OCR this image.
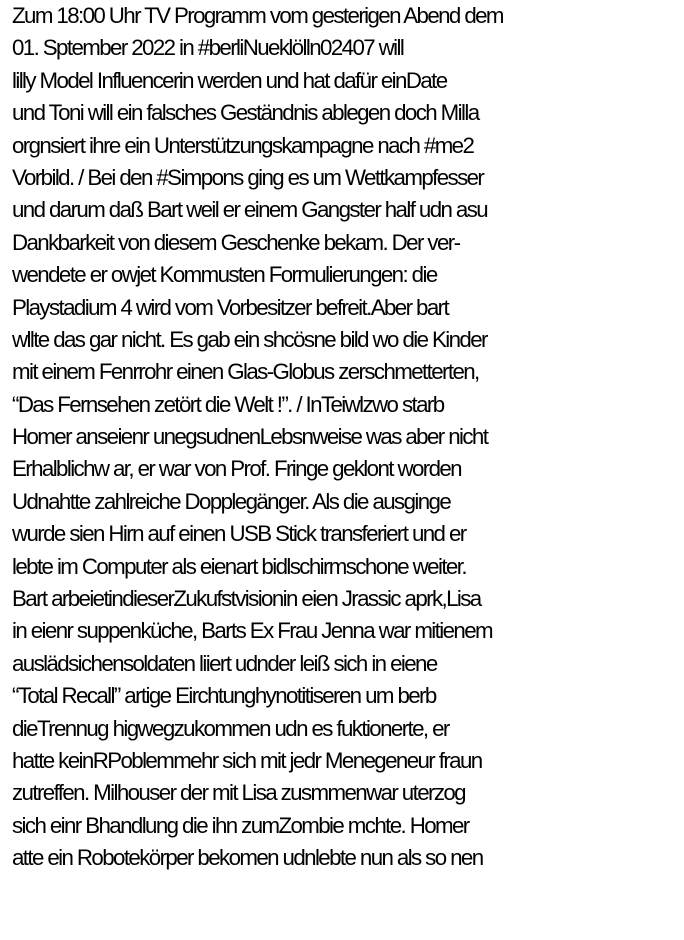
Zum 18:00 Uhr TV Programm vom gesterigen Abend dem
01. Sptember 2022 in #berliNueklölln02407 will
lilly Model Influencerin werden und hat dafür einDate
und Toni will ein falsches Geständnis ablegen doch Milla
orgnsiert ihre ein Unterstützungskampagne nach #me2
Vorbild. / Bei den #Simpons ging es um Wettkampfesser
und darum daß Bart weil er einem Gangster half udn asu
Dankbarkeit von diesem Geschenke bekam. Der ver-
wendete er owjet Kommusten Formulierungen: die
Playstadium 4 wird vom Vorbesitzer befreit.Aber bart
wllte das gar nicht. Es gab ein shcösne bild wo die Kinder
mit einem Fenrrohr einen Glas-Globus zerschmetterten,
“Das Fernsehen zetört die Welt !”. / InTeiwlzwo starb
Homer anseienr unegsudnenLebsnweise was aber nicht
Erhalblichw ar, er war von Prof. Fringe geklont worden
Udnahtte zahlreiche Dopplegänger. Als die ausginge
wurde sien Hirn auf einen USB Stick transferiert und er
lebte im Computer als eienart bidlschirmschone weiter.
Bart arbeietindieserZukufstvisionin eien Jrassic aprk,Lisa
in eienr suppenküche, Barts Ex Frau Jenna war mitienem
auslädsichensoldaten liiert udnder leiß sich in eiene
“Total Recall” artige Eirchtunghynotitiseren um berb
dieTrennug higwegzukommen udn es fuktionerte, er
hatte keinRPoblemmehr sich mit jedr Menegeneur fraun
zutreffen. Milhouser der mit Lisa zusmmenwar uterzog
sich einr Bhandlung die ihn zumZombie mchte. Homer
atte ein Robotekörper bekomen udnlebte nun als so nen
